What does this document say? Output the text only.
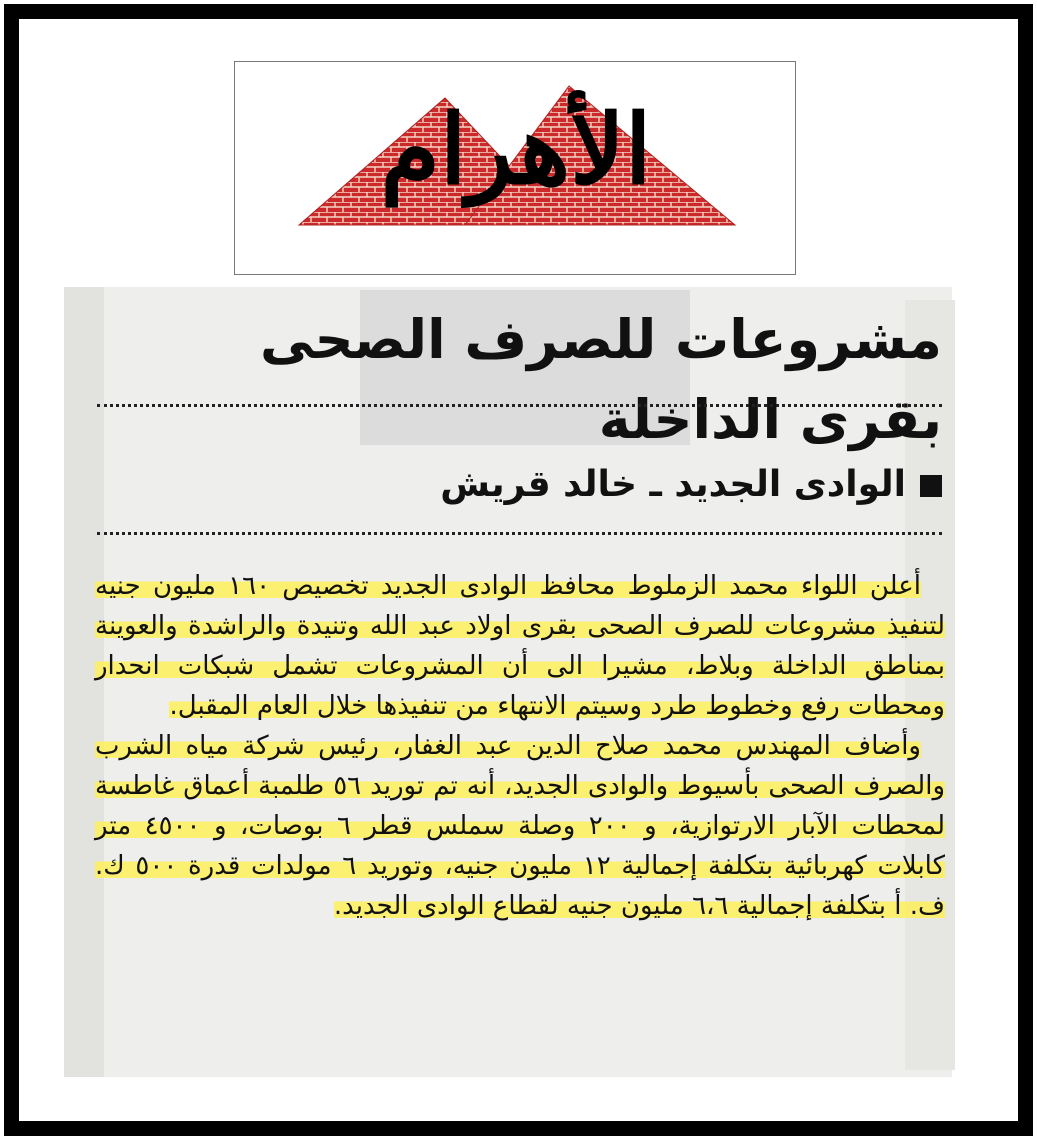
الأهرام
مشروعات للصرف الصحى بقرى الداخلة
الوادى الجديد ـ خالد قريش

أعلن اللواء محمد الزملوط محافظ الوادى الجديد تخصيص ١٦٠ مليون جنيه لتنفيذ مشروعات للصرف الصحى بقرى اولاد عبد الله وتنيدة والراشدة والعوينة بمناطق الداخلة وبلاط، مشيرا الى أن المشروعات تشمل شبكات انحدار ومحطات رفع وخطوط طرد وسيتم الانتهاء من تنفيذها خلال العام المقبل.

وأضاف المهندس محمد صلاح الدين عبد الغفار، رئيس شركة مياه الشرب والصرف الصحى بأسيوط والوادى الجديد، أنه تم توريد ٥٦ طلمبة أعماق غاطسة لمحطات الآبار الارتوازية، و ٢٠٠ وصلة سملس قطر ٦ بوصات، و ٤٥٠٠ متر كابلات كهربائية بتكلفة إجمالية ١٢ مليون جنيه، وتوريد ٦ مولدات قدرة ٥٠٠ ك. ف. أ بتكلفة إجمالية ٦،٦ مليون جنيه لقطاع الوادى الجديد.
